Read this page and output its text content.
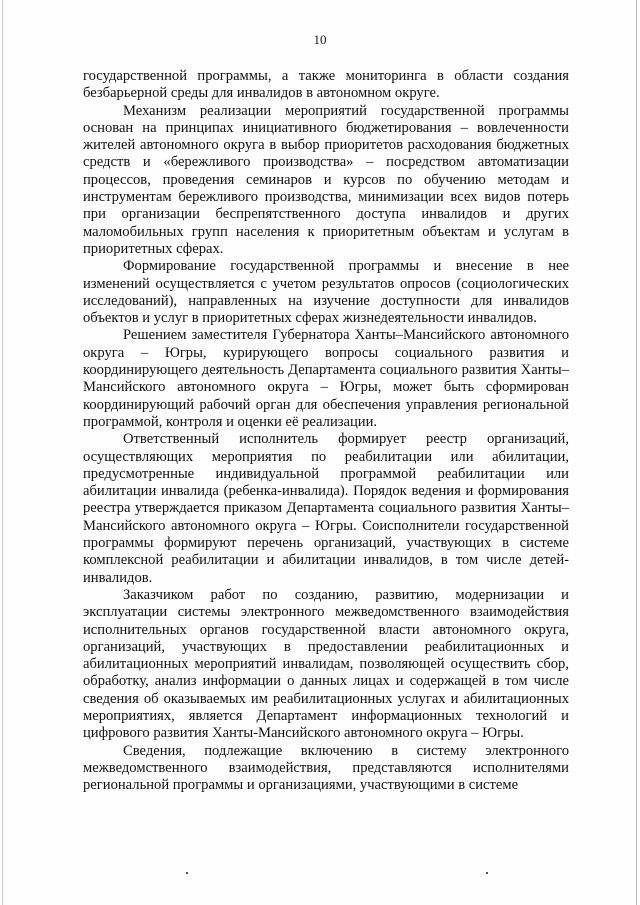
10

государственной программы, а также мониторинга в области создания безбарьерной среды для инвалидов в автономном округе.

Механизм реализации мероприятий государственной программы основан на принципах инициативного бюджетирования – вовлеченности жителей автономного округа в выбор приоритетов расходования бюджетных средств и «бережливого производства» – посредством автоматизации процессов, проведения семинаров и курсов по обучению методам и инструментам бережливого производства, минимизации всех видов потерь при организации беспрепятственного доступа инвалидов и других маломобильных групп населения к приоритетным объектам и услугам в приоритетных сферах.

Формирование государственной программы и внесение в нее изменений осуществляется с учетом результатов опросов (социологических исследований), направленных на изучение доступности для инвалидов объектов и услуг в приоритетных сферах жизнедеятельности инвалидов.

Решением заместителя Губернатора Ханты–Мансийского автономного округа – Югры, курирующего вопросы социального развития и координирующего деятельность Департамента социального развития Ханты–Мансийского автономного округа – Югры, может быть сформирован координирующий рабочий орган для обеспечения управления региональной программой, контроля и оценки её реализации.

Ответственный исполнитель формирует реестр организаций, осуществляющих мероприятия по реабилитации или абилитации, предусмотренные индивидуальной программой реабилитации или абилитации инвалида (ребенка-инвалида). Порядок ведения и формирования реестра утверждается приказом Департамента социального развития Ханты–Мансийского автономного округа – Югры. Соисполнители государственной программы формируют перечень организаций, участвующих в системе комплексной реабилитации и абилитации инвалидов, в том числе детей-инвалидов.

Заказчиком работ по созданию, развитию, модернизации и эксплуатации системы электронного межведомственного взаимодействия исполнительных органов государственной власти автономного округа, организаций, участвующих в предоставлении реабилитационных и абилитационных мероприятий инвалидам, позволяющей осуществить сбор, обработку, анализ информации о данных лицах и содержащей в том числе сведения об оказываемых им реабилитационных услугах и абилитационных мероприятиях, является Департамент информационных технологий и цифрового развития Ханты-Мансийского автономного округа – Югры.

Сведения, подлежащие включению в систему электронного межведомственного взаимодействия, представляются исполнителями региональной программы и организациями, участвующими в системе
